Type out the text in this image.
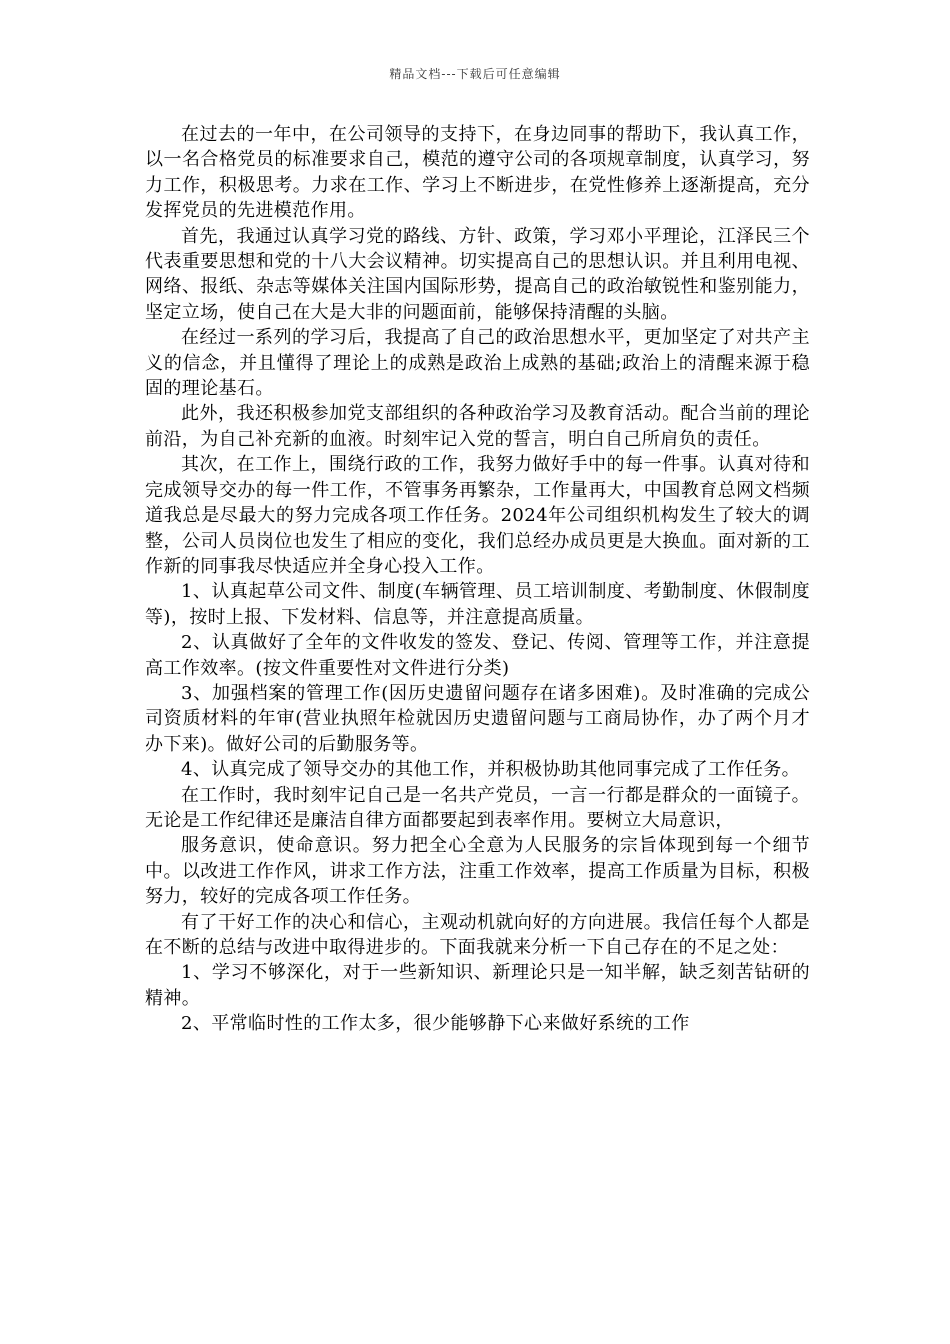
精品文档---下载后可任意编辑

在过去的一年中，在公司领导的支持下，在身边同事的帮助下，我认真工作，以一名合格党员的标准要求自己，模范的遵守公司的各项规章制度，认真学习，努力工作，积极思考。力求在工作、学习上不断进步，在党性修养上逐渐提高，充分发挥党员的先进模范作用。

首先，我通过认真学习党的路线、方针、政策，学习邓小平理论，江泽民三个代表重要思想和党的十八大会议精神。切实提高自己的思想认识。并且利用电视、网络、报纸、杂志等媒体关注国内国际形势，提高自己的政治敏锐性和鉴别能力，坚定立场，使自己在大是大非的问题面前，能够保持清醒的头脑。

在经过一系列的学习后，我提高了自己的政治思想水平，更加坚定了对共产主义的信念，并且懂得了理论上的成熟是政治上成熟的基础;政治上的清醒来源于稳固的理论基石。

此外，我还积极参加党支部组织的各种政治学习及教育活动。配合当前的理论前沿，为自己补充新的血液。时刻牢记入党的誓言，明白自己所肩负的责任。

其次，在工作上，围绕行政的工作，我努力做好手中的每一件事。认真对待和完成领导交办的每一件工作，不管事务再繁杂，工作量再大，中国教育总网文档频道我总是尽最大的努力完成各项工作任务。2024年公司组织机构发生了较大的调整，公司人员岗位也发生了相应的变化，我们总经办成员更是大换血。面对新的工作新的同事我尽快适应并全身心投入工作。

1、认真起草公司文件、制度(车辆管理、员工培训制度、考勤制度、休假制度等)，按时上报、下发材料、信息等，并注意提高质量。

2、认真做好了全年的文件收发的签发、登记、传阅、管理等工作，并注意提高工作效率。(按文件重要性对文件进行分类)

3、加强档案的管理工作(因历史遗留问题存在诸多困难)。及时准确的完成公司资质材料的年审(营业执照年检就因历史遗留问题与工商局协作，办了两个月才办下来)。做好公司的后勤服务等。

4、认真完成了领导交办的其他工作，并积极协助其他同事完成了工作任务。

在工作时，我时刻牢记自己是一名共产党员，一言一行都是群众的一面镜子。无论是工作纪律还是廉洁自律方面都要起到表率作用。要树立大局意识，

服务意识，使命意识。努力把全心全意为人民服务的宗旨体现到每一个细节中。以改进工作作风，讲求工作方法，注重工作效率，提高工作质量为目标，积极努力，较好的完成各项工作任务。

有了干好工作的决心和信心，主观动机就向好的方向进展。我信任每个人都是在不断的总结与改进中取得进步的。下面我就来分析一下自己存在的不足之处：

1、学习不够深化，对于一些新知识、新理论只是一知半解，缺乏刻苦钻研的精神。

2、平常临时性的工作太多，很少能够静下心来做好系统的工作
